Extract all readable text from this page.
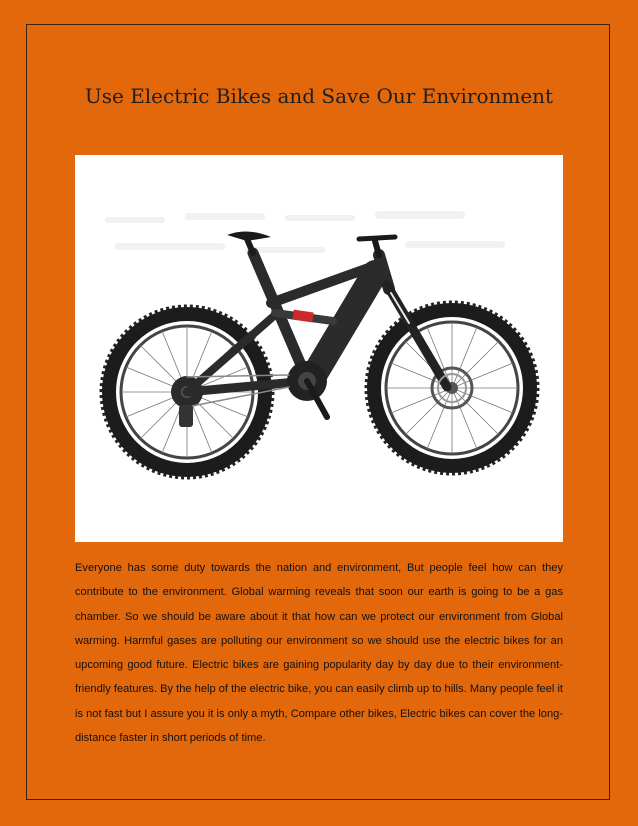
Use Electric Bikes and Save Our Environment

Everyone has some duty towards the nation and environment, But people feel how can they contribute to the environment. Global warming reveals that soon our earth is going to be a gas chamber. So we should be aware about it that how can we protect our environment from Global warming. Harmful gases are polluting our environment so we should use the electric bikes for an upcoming good future. Electric bikes are gaining popularity day by day due to their environment-friendly features. By the help of the electric bike, you can easily climb up to hills. Many people feel it is not fast but I assure you it is only a myth, Compare other bikes, Electric bikes can cover the long-distance faster in short periods of time.
